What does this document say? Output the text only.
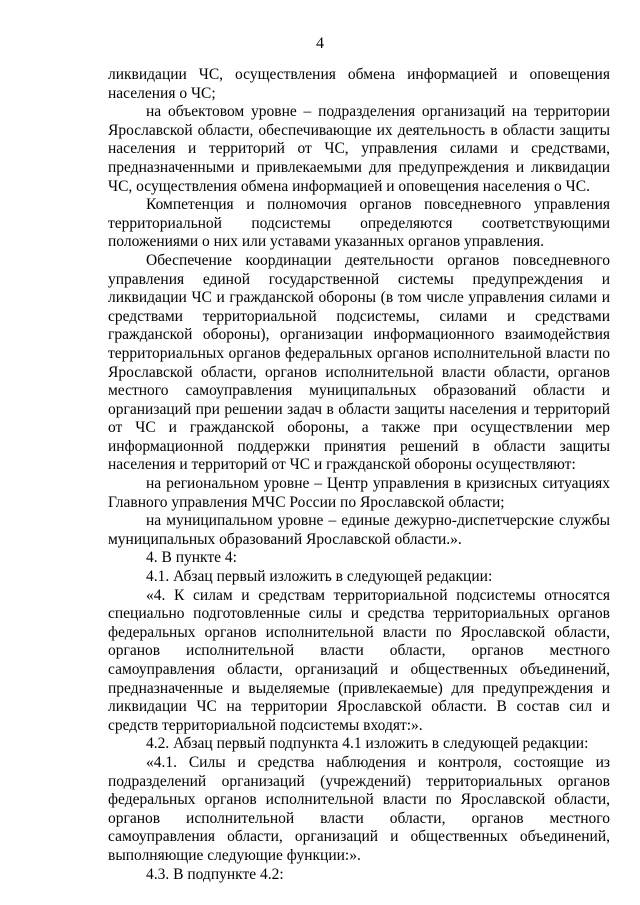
4

ликвидации ЧС, осуществления обмена информацией и оповещения населения о ЧС;

на объектовом уровне – подразделения организаций на территории Ярославской области, обеспечивающие их деятельность в области защиты населения и территорий от ЧС, управления силами и средствами, предназначенными и привлекаемыми для предупреждения и ликвидации ЧС, осуществления обмена информацией и оповещения населения о ЧС.

Компетенция и полномочия органов повседневного управления территориальной подсистемы определяются соответствующими положениями о них или уставами указанных органов управления.

Обеспечение координации деятельности органов повседневного управления единой государственной системы предупреждения и ликвидации ЧС и гражданской обороны (в том числе управления силами и средствами территориальной подсистемы, силами и средствами гражданской обороны), организации информационного взаимодействия территориальных органов федеральных органов исполнительной власти по Ярославской области, органов исполнительной власти области, органов местного самоуправления муниципальных образований области и организаций при решении задач в области защиты населения и территорий от ЧС и гражданской обороны, а также при осуществлении мер информационной поддержки принятия решений в области защиты населения и территорий от ЧС и гражданской обороны осуществляют:

на региональном уровне – Центр управления в кризисных ситуациях Главного управления МЧС России по Ярославской области;

на муниципальном уровне – единые дежурно-диспетчерские службы муниципальных образований Ярославской области.».

4. В пункте 4:

4.1. Абзац первый изложить в следующей редакции:

«4. К силам и средствам территориальной подсистемы относятся специально подготовленные силы и средства территориальных органов федеральных органов исполнительной власти по Ярославской области, органов исполнительной власти области, органов местного самоуправления области, организаций и общественных объединений, предназначенные и выделяемые (привлекаемые) для предупреждения и ликвидации ЧС на территории Ярославской области. В состав сил и средств территориальной подсистемы входят:».

4.2. Абзац первый подпункта 4.1 изложить в следующей редакции:

«4.1. Силы и средства наблюдения и контроля, состоящие из подразделений организаций (учреждений) территориальных органов федеральных органов исполнительной власти по Ярославской области, органов исполнительной власти области, органов местного самоуправления области, организаций и общественных объединений, выполняющие следующие функции:».

4.3. В подпункте 4.2:
